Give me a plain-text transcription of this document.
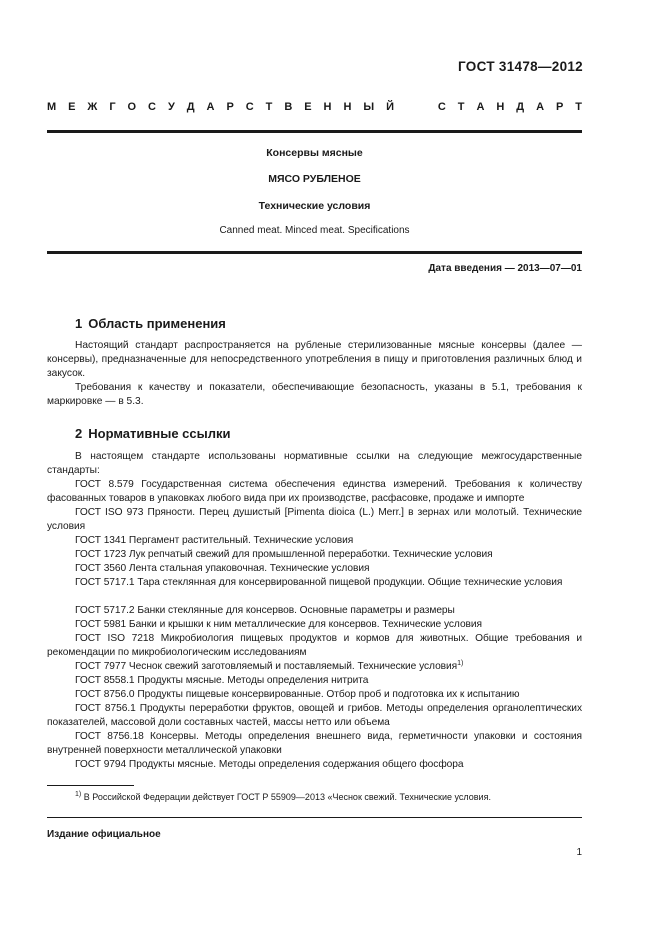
ГОСТ 31478—2012
М Е Ж Г О С У Д А Р С Т В Е Н Н Ы Й	С Т А Н Д А Р Т
Консервы мясные
МЯСО РУБЛЕНОЕ
Технические условия
Canned meat. Minced meat. Specifications
Дата введения — 2013—07—01
1 Область применения
Настоящий стандарт распространяется на рубленые стерилизованные мясные консервы (далее — консервы), предназначенные для непосредственного употребления в пищу и приготовления различных блюд и закусок.
Требования к качеству и показатели, обеспечивающие безопасность, указаны в 5.1, требования к маркировке — в 5.3.
2 Нормативные ссылки
В настоящем стандарте использованы нормативные ссылки на следующие межгосударственные стандарты:
ГОСТ 8.579 Государственная система обеспечения единства измерений. Требования к количеству фасованных товаров в упаковках любого вида при их производстве, расфасовке, продаже и импорте
ГОСТ ISO 973 Пряности. Перец душистый [Pimenta dioica (L.) Merr.] в зернах или молотый. Технические условия
ГОСТ 1341 Пергамент растительный. Технические условия
ГОСТ 1723 Лук репчатый свежий для промышленной переработки. Технические условия
ГОСТ 3560 Лента стальная упаковочная. Технические условия
ГОСТ 5717.1 Тара стеклянная для консервированной пищевой продукции. Общие технические условия
ГОСТ 5717.2 Банки стеклянные для консервов. Основные параметры и размеры
ГОСТ 5981 Банки и крышки к ним металлические для консервов. Технические условия
ГОСТ ISO 7218 Микробиология пищевых продуктов и кормов для животных. Общие требования и рекомендации по микробиологическим исследованиям
ГОСТ 7977 Чеснок свежий заготовляемый и поставляемый. Технические условия$^{1)}$
ГОСТ 8558.1 Продукты мясные. Методы определения нитрита
ГОСТ 8756.0 Продукты пищевые консервированные. Отбор проб и подготовка их к испытанию
ГОСТ 8756.1 Продукты переработки фруктов, овощей и грибов. Методы определения органолептических показателей, массовой доли составных частей, массы нетто или объема
ГОСТ 8756.18 Консервы. Методы определения внешнего вида, герметичности упаковки и состояния внутренней поверхности металлической упаковки
ГОСТ 9794 Продукты мясные. Методы определения содержания общего фосфора
$^{1)}$ В Российской Федерации действует ГОСТ Р 55909—2013 «Чеснок свежий. Технические условия.
Издание официальное
1
